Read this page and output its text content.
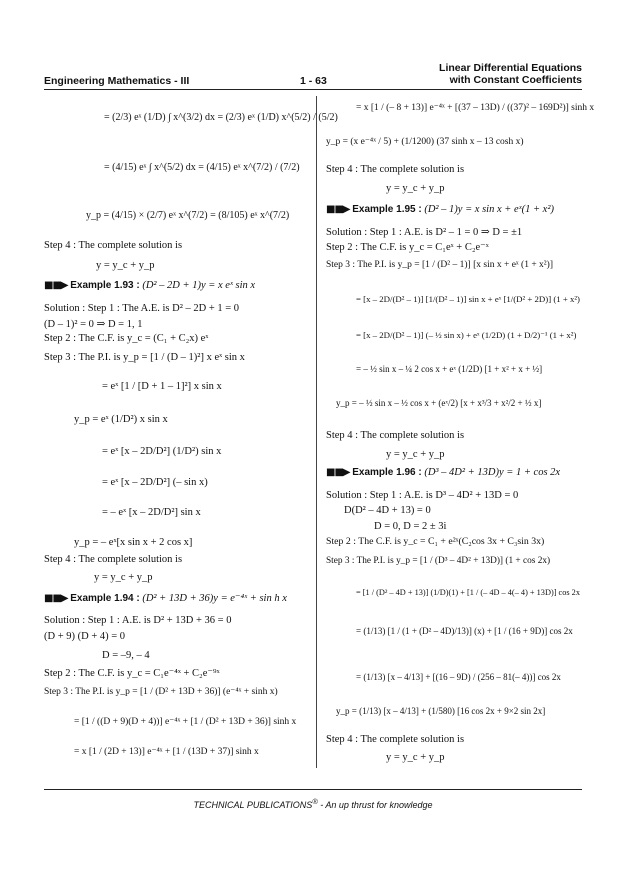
Linear Differential Equations
with Constant Coefficients
Engineering Mathematics - III	1 - 63
= (2/3) eˣ (1/D) ∫ x^(3/2) dx = (2/3) eˣ (1/D) x^(5/2) / (5/2)
= (4/15) eˣ ∫ x^(5/2) dx = (4/15) eˣ x^(7/2) / (7/2)
y_p = (4/15) × (2/7) eˣ x^(7/2) = (8/105) eˣ x^(7/2)
Step 4 : The complete solution is
y = y_c + y_p
■■▶ Example 1.93 : (D² – 2D + 1)y = x eˣ sin x
Solution : Step 1 : The A.E. is D² – 2D + 1 = 0
(D – 1)² = 0 ⇒ D = 1, 1
Step 2 : The C.F. is y_c = (C₁ + C₂x) eˣ
Step 3 : The P.I. is y_p = [1 / (D – 1)²] x eˣ sin x
= eˣ [1 / [D + 1 – 1]²] x sin x
y_p = eˣ (1/D²) x sin x
= eˣ [x – 2D/D²] (1/D²) sin x
= eˣ [x – 2D/D²] (– sin x)
= – eˣ [x – 2D/D²] sin x
y_p = – eˣ[x sin x + 2 cos x]
Step 4 : The complete solution is
y = y_c + y_p
■■▶ Example 1.94 : (D² + 13D + 36)y = e⁻⁴ˣ + sin h x
Solution : Step 1 : A.E. is D² + 13D + 36 = 0
(D + 9) (D + 4) = 0
D = –9, – 4
Step 2 : The C.F. is y_c = C₁e⁻⁴ˣ + C₂e⁻⁹ˣ
Step 3 : The P.I. is y_p = [1 / (D² + 13D + 36)] (e⁻⁴ˣ + sinh x)
= [1 / ((D + 9)(D + 4))] e⁻⁴ˣ + [1 / (D² + 13D + 36)] sinh x
= x [1 / (2D + 13)] e⁻⁴ˣ + [1 / (13D + 37)] sinh x
= x [1 / (– 8 + 13)] e⁻⁴ˣ + [(37 – 13D) / ((37)² – 169D²)] sinh x
y_p = (x e⁻⁴ˣ / 5) + (1/1200) (37 sinh x – 13 cosh x)
Step 4 : The complete solution is
y = y_c + y_p
■■▶ Example 1.95 : (D² – 1)y = x sin x + eˣ(1 + x²)
Solution : Step 1 : A.E. is D² – 1 = 0 ⇒ D = ±1
Step 2 : The C.F. is y_c = C₁eˣ + C₂e⁻ˣ
Step 3 : The P.I. is y_p = [1 / (D² – 1)] [x sin x + eˣ (1 + x²)]
= [x – 2D/(D² – 1)] [1/(D² – 1)] sin x + eˣ [1/(D² + 2D)] (1 + x²)
= [x – 2D/(D² – 1)] (– ½ sin x) + eˣ (1/2D) (1 + D/2)⁻¹ (1 + x²)
= – ½ sin x – ¼ 2 cos x + eˣ (1/2D) [1 + x² + x + ½]
y_p = – ½ sin x – ½ cos x + (eˣ/2) [x + x³/3 + x²/2 + ½ x]
Step 4 : The complete solution is
y = y_c + y_p
■■▶ Example 1.96 : (D³ – 4D² + 13D)y = 1 + cos 2x
Solution : Step 1 : A.E. is D³ – 4D² + 13D = 0
D(D² – 4D + 13) = 0
D = 0, D = 2 ± 3i
Step 2 : The C.F. is y_c = C₁ + e²ˣ(C₂cos 3x + C₃sin 3x)
Step 3 : The P.I. is y_p = [1 / (D³ – 4D² + 13D)] (1 + cos 2x)
= [1 / (D² – 4D + 13)] (1/D)(1) + [1 / (– 4D – 4(– 4) + 13D)] cos 2x
= (1/13) [1 / (1 + (D² – 4D)/13)] (x) + [1 / (16 + 9D)] cos 2x
= (1/13) [x – 4/13] + [(16 – 9D) / (256 – 81(– 4))] cos 2x
y_p = (1/13) [x – 4/13] + (1/580) [16 cos 2x + 9×2 sin 2x]
Step 4 : The complete solution is
y = y_c + y_p
TECHNICAL PUBLICATIONS® - An up thrust for knowledge
